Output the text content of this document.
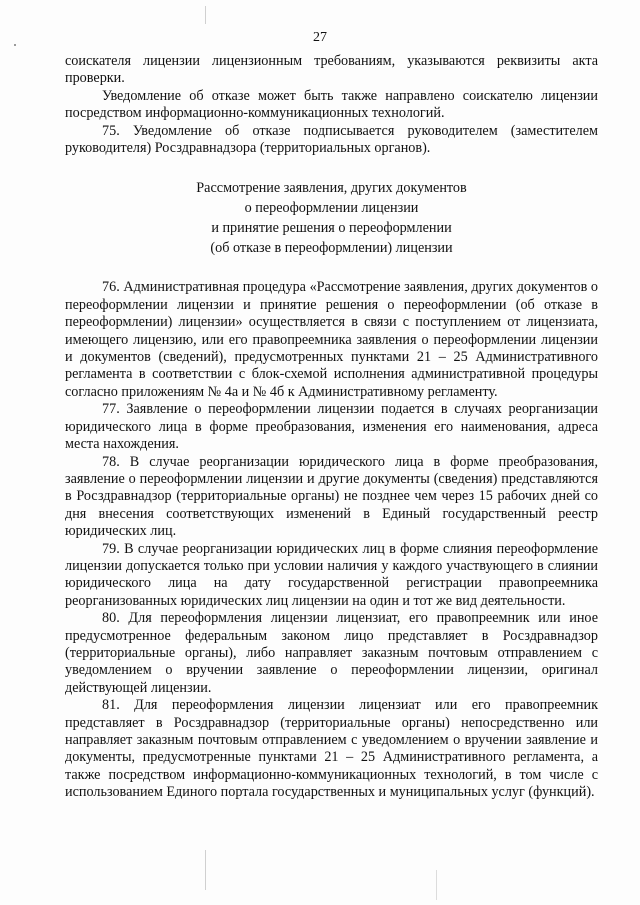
27

соискателя лицензии лицензионным требованиям, указываются реквизиты акта проверки.

Уведомление об отказе может быть также направлено соискателю лицензии посредством информационно-коммуникационных технологий.

75. Уведомление об отказе подписывается руководителем (заместителем руководителя) Росздравнадзора (территориальных органов).

Рассмотрение заявления, других документов
о переоформлении лицензии
и принятие решения о переоформлении
(об отказе в переоформлении) лицензии

76. Административная процедура «Рассмотрение заявления, других документов о переоформлении лицензии и принятие решения о переоформлении (об отказе в переоформлении) лицензии» осуществляется в связи с поступлением от лицензиата, имеющего лицензию, или его правопреемника заявления о переоформлении лицензии и документов (сведений), предусмотренных пунктами 21 – 25 Административного регламента в соответствии с блок-схемой исполнения административной процедуры согласно приложениям № 4а и № 4б к Административному регламенту.

77. Заявление о переоформлении лицензии подается в случаях реорганизации юридического лица в форме преобразования, изменения его наименования, адреса места нахождения.

78. В случае реорганизации юридического лица в форме преобразования, заявление о переоформлении лицензии и другие документы (сведения) представляются в Росздравнадзор (территориальные органы) не позднее чем через 15 рабочих дней со дня внесения соответствующих изменений в Единый государственный реестр юридических лиц.

79. В случае реорганизации юридических лиц в форме слияния переоформление лицензии допускается только при условии наличия у каждого участвующего в слиянии юридического лица на дату государственной регистрации правопреемника реорганизованных юридических лиц лицензии на один и тот же вид деятельности.

80. Для переоформления лицензии лицензиат, его правопреемник или иное предусмотренное федеральным законом лицо представляет в Росздравнадзор (территориальные органы), либо направляет заказным почтовым отправлением с уведомлением о вручении заявление о переоформлении лицензии, оригинал действующей лицензии.

81. Для переоформления лицензии лицензиат или его правопреемник представляет в Росздравнадзор (территориальные органы) непосредственно или направляет заказным почтовым отправлением с уведомлением о вручении заявление и документы, предусмотренные пунктами 21 – 25 Административного регламента, а также посредством информационно-коммуникационных технологий, в том числе с использованием Единого портала государственных и муниципальных услуг (функций).
